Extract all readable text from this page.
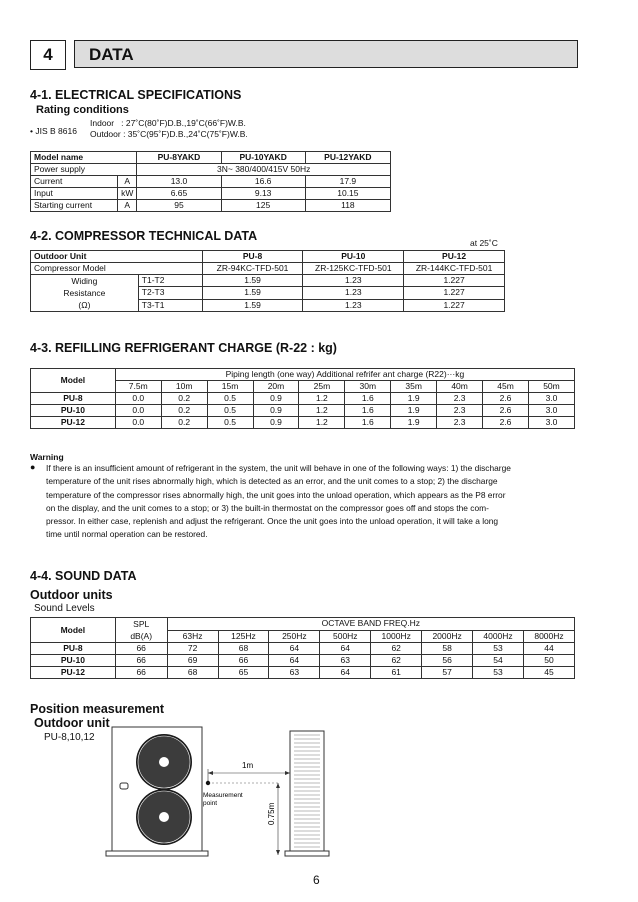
4	DATA
4-1. ELECTRICAL SPECIFICATIONS
Rating conditions
• JIS B 8616
Indoor   : 27˚C(80˚F)D.B.,19˚C(66˚F)W.B.
Outdoor : 35˚C(95˚F)D.B.,24˚C(75˚F)W.B.
Model name		PU-8YAKD	PU-10YAKD	PU-12YAKD
Power supply		3N~ 380/400/415V 50Hz		
Current	A	13.0	16.6	17.9
Input	kW	6.65	9.13	10.15
Starting current	A	95	125	118
4-2. COMPRESSOR TECHNICAL DATA	at 25˚C
Outdoor Unit		PU-8	PU-10	PU-12
Compressor Model		ZR-94KC-TFD-501	ZR-125KC-TFD-501	ZR-144KC-TFD-501

Widing
Resistance
(Ω)	T1-T2	1.59	1.23	1.227
	T2-T3	1.59	1.23	1.227
	T3-T1	1.59	1.23	1.227
4-3. REFILLING REFRIGERANT CHARGE (R-22 : kg)
Model	Piping length (one way) Additional refrifer ant charge (R22)···kg									
	7.5m	10m	15m	20m	25m	30m	35m	40m	45m	50m
PU-8	0.0	0.2	0.5	0.9	1.2	1.6	1.9	2.3	2.6	3.0
PU-10	0.0	0.2	0.5	0.9	1.2	1.6	1.9	2.3	2.6	3.0
PU-12	0.0	0.2	0.5	0.9	1.2	1.6	1.9	2.3	2.6	3.0
Warning
● If there is an insufficient amount of refrigerant in the system, the unit will behave in one of the following ways: 1) the discharge
temperature of the unit rises abnormally high, which is detected as an error, and the unit comes to a stop; 2) the discharge
temperature of the compressor rises abnormally high, the unit goes into the unload operation, which appears as the P8 error
on the display, and the unit comes to a stop; or 3) the built-in thermostat on the compressor goes off and stops the com-
pressor. In either case, replenish and adjust the refrigerant. Once the unit goes into the unload operation, it will take a long
time until normal operation can be restored.
4-4. SOUND DATA
Outdoor units
Sound Levels
Model	SPL
dB(A)	OCTAVE BAND FREQ.Hz							
		63Hz	125Hz	250Hz	500Hz	1000Hz	2000Hz	4000Hz	8000Hz
PU-8	66	72	68	64	64	62	58	53	44
PU-10	66	69	66	64	63	62	56	54	50
PU-12	66	68	65	63	64	61	57	53	45
Position measurement
Outdoor unit
PU-8,10,12
1m
Measurement
point	0.75m
6
